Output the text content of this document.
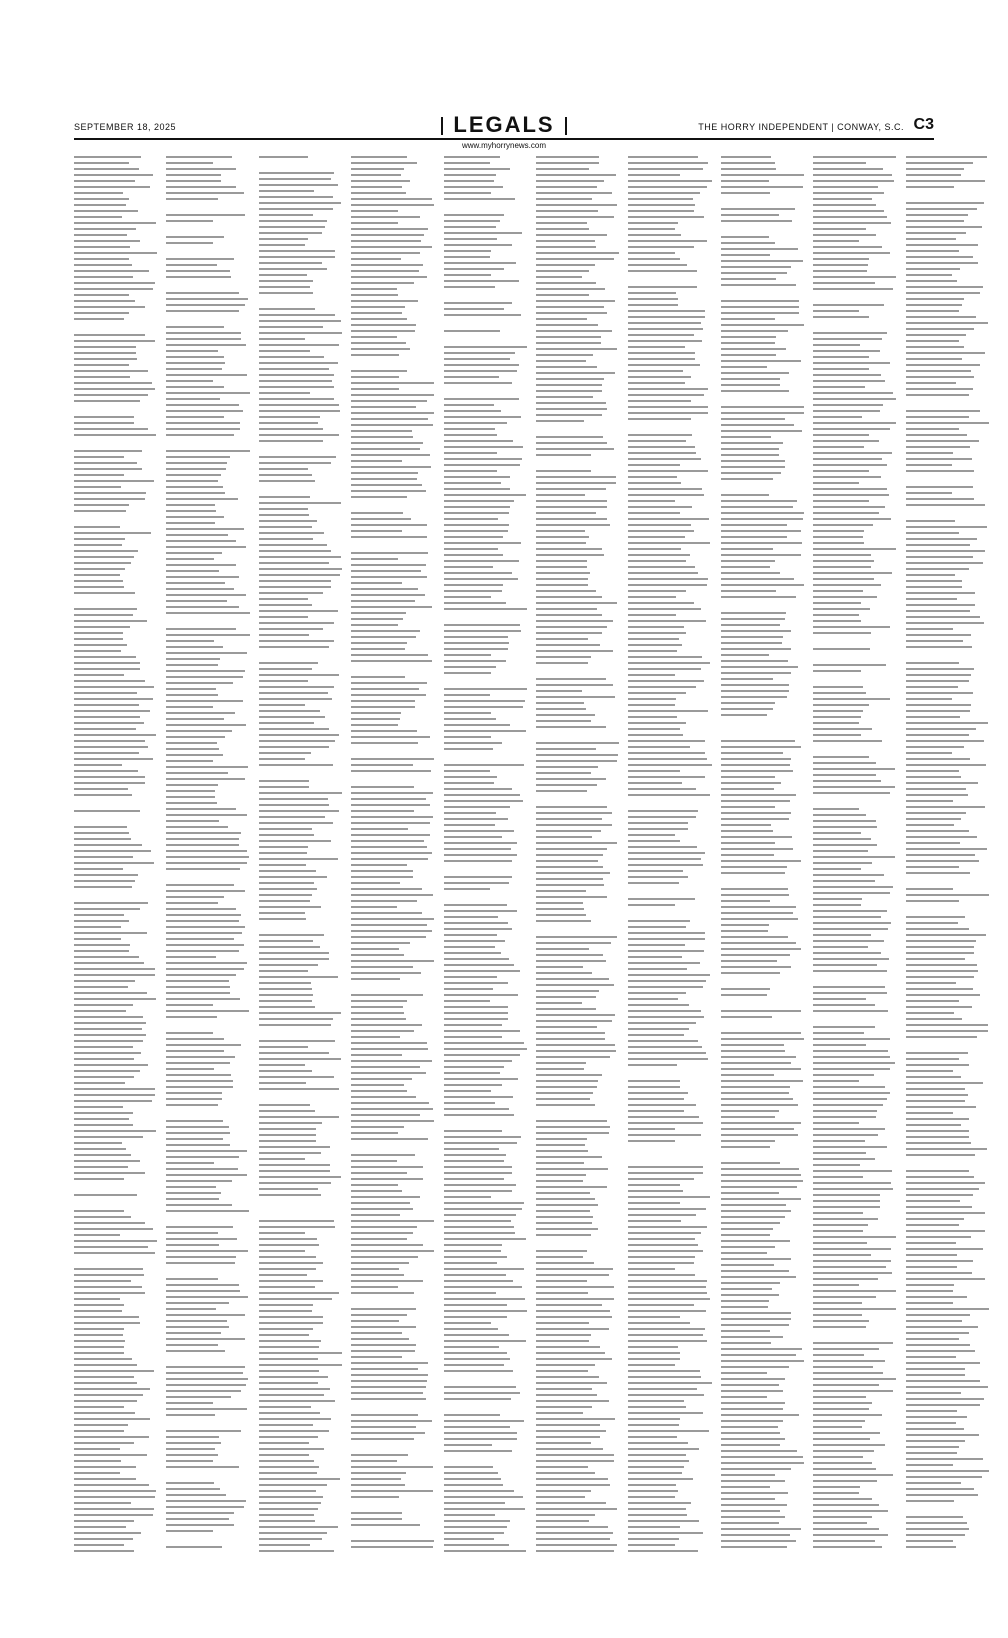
SEPTEMBER 18, 2025	LEGALS	THE HORRY INDEPENDENT | CONWAY, S.C. C3
www.myhorrynews.com
